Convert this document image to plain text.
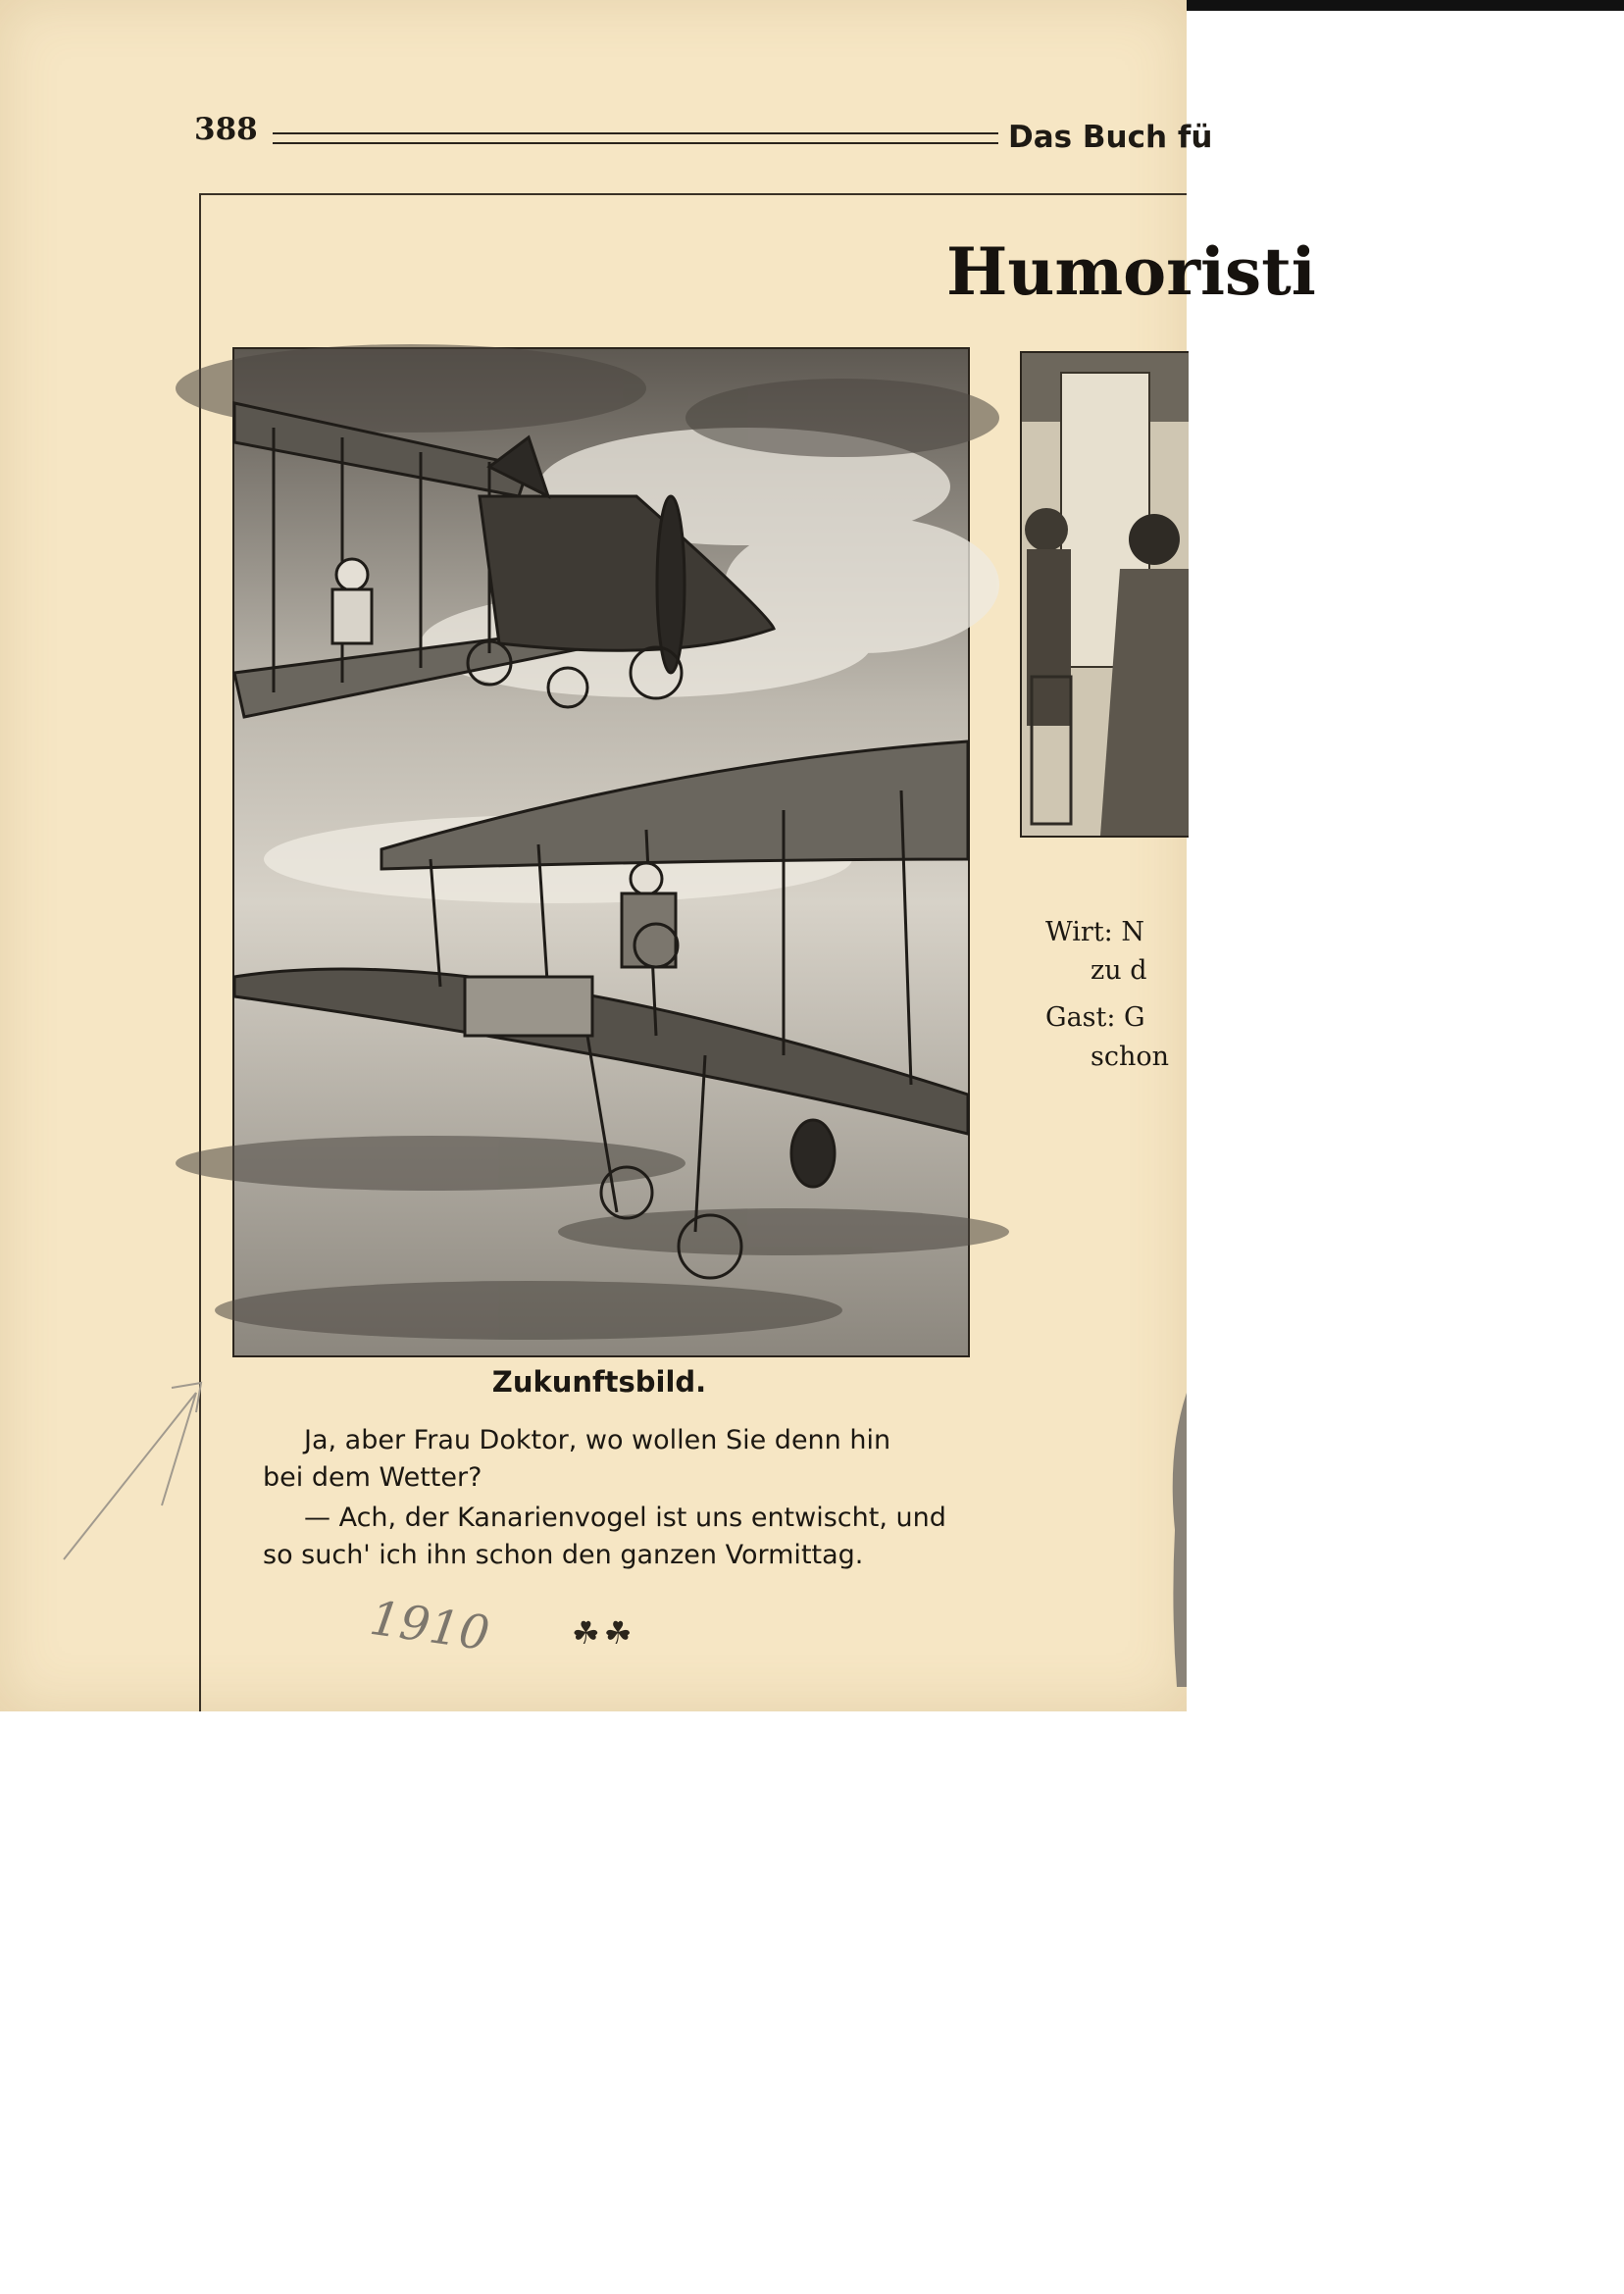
388	Das Buch fü
Humoristi
Zukunftsbild.
Ja, aber Frau Doktor, wo wollen Sie denn hin
bei dem Wetter?
— Ach, der Kanarienvogel ist uns entwischt, und
so such' ich ihn schon den ganzen Vormittag.
Wirt: N
zu d
Gast: G
schon
☘☘
1910
